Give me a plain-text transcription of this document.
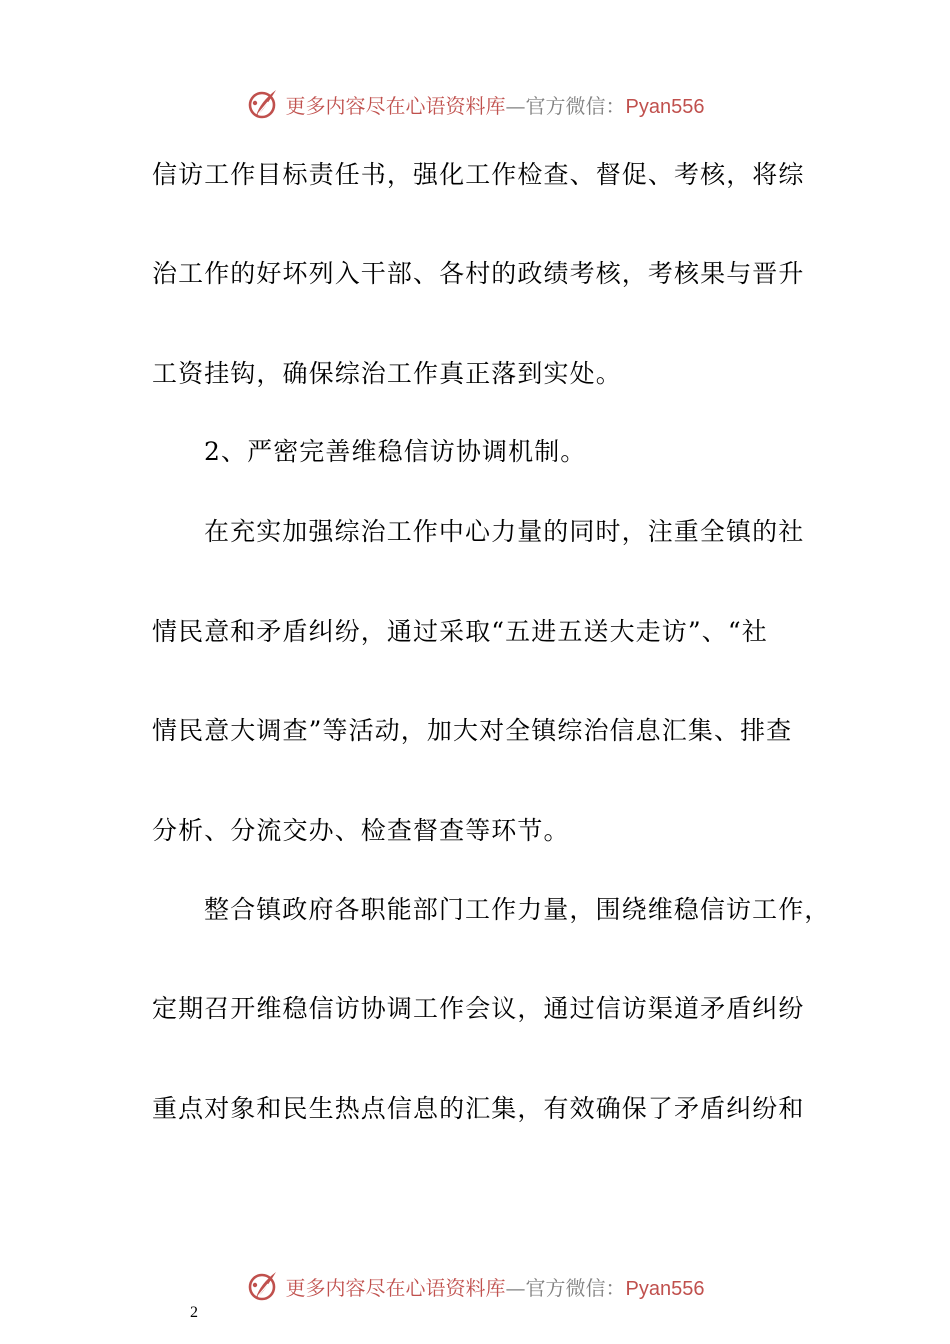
更多内容尽在心语资料库—官方微信：Pyan556
信访工作目标责任书，强化工作检查、督促、考核，将综
治工作的好坏列入干部、各村的政绩考核，考核果与晋升
工资挂钩，确保综治工作真正落到实处。
2、严密完善维稳信访协调机制。
在充实加强综治工作中心力量的同时，注重全镇的社
情民意和矛盾纠纷，通过采取“五进五送大走访”、“社
情民意大调查”等活动，加大对全镇综治信息汇集、排查
分析、分流交办、检查督查等环节。
整合镇政府各职能部门工作力量，围绕维稳信访工作，
定期召开维稳信访协调工作会议，通过信访渠道矛盾纠纷
重点对象和民生热点信息的汇集，有效确保了矛盾纠纷和
更多内容尽在心语资料库—官方微信：Pyan556
2
